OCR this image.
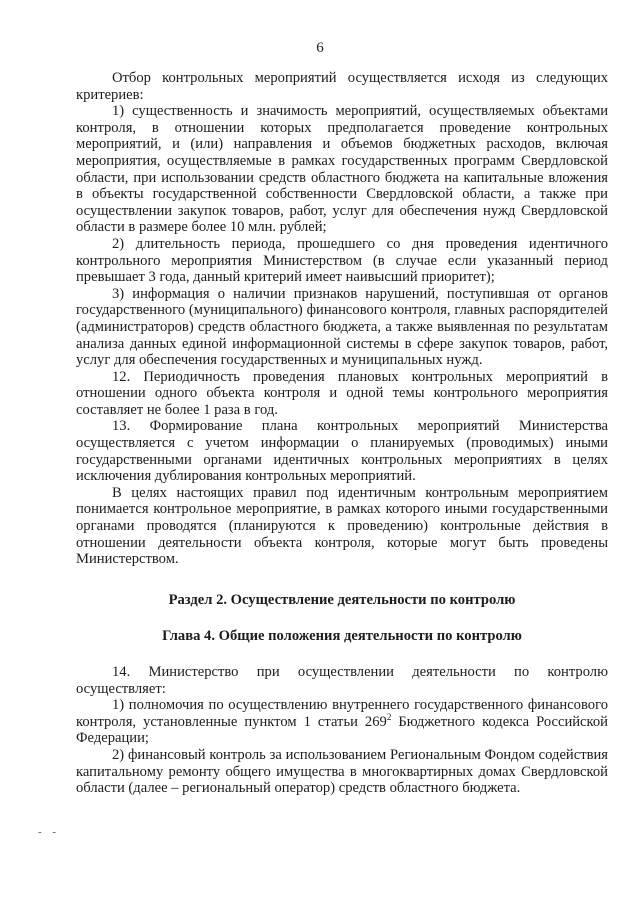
6

Отбор контрольных мероприятий осуществляется исходя из следующих критериев:

1) существенность и значимость мероприятий, осуществляемых объектами контроля, в отношении которых предполагается проведение контрольных мероприятий, и (или) направления и объемов бюджетных расходов, включая мероприятия, осуществляемые в рамках государственных программ Свердловской области, при использовании средств областного бюджета на капитальные вложения в объекты государственной собственности Свердловской области, а также при осуществлении закупок товаров, работ, услуг для обеспечения нужд Свердловской области в размере более 10 млн. рублей;

2) длительность периода, прошедшего со дня проведения идентичного контрольного мероприятия Министерством (в случае если указанный период превышает 3 года, данный критерий имеет наивысший приоритет);

3) информация о наличии признаков нарушений, поступившая от органов государственного (муниципального) финансового контроля, главных распорядителей (администраторов) средств областного бюджета, а также выявленная по результатам анализа данных единой информационной системы в сфере закупок товаров, работ, услуг для обеспечения государственных и муниципальных нужд.

12. Периодичность проведения плановых контрольных мероприятий в отношении одного объекта контроля и одной темы контрольного мероприятия составляет не более 1 раза в год.

13. Формирование плана контрольных мероприятий Министерства осуществляется с учетом информации о планируемых (проводимых) иными государственными органами идентичных контрольных мероприятиях в целях исключения дублирования контрольных мероприятий.

В целях настоящих правил под идентичным контрольным мероприятием понимается контрольное мероприятие, в рамках которого иными государственными органами проводятся (планируются к проведению) контрольные действия в отношении деятельности объекта контроля, которые могут быть проведены Министерством.

Раздел 2. Осуществление деятельности по контролю
Глава 4. Общие положения деятельности по контролю

14. Министерство при осуществлении деятельности по контролю осуществляет:

1) полномочия по осуществлению внутреннего государственного финансового контроля, установленные пунктом 1 статьи $269^2$ Бюджетного кодекса Российской Федерации;

2) финансовый контроль за использованием Региональным Фондом содействия капитальному ремонту общего имущества в многоквартирных домах Свердловской области (далее – региональный оператор) средств областного бюджета.

- -
